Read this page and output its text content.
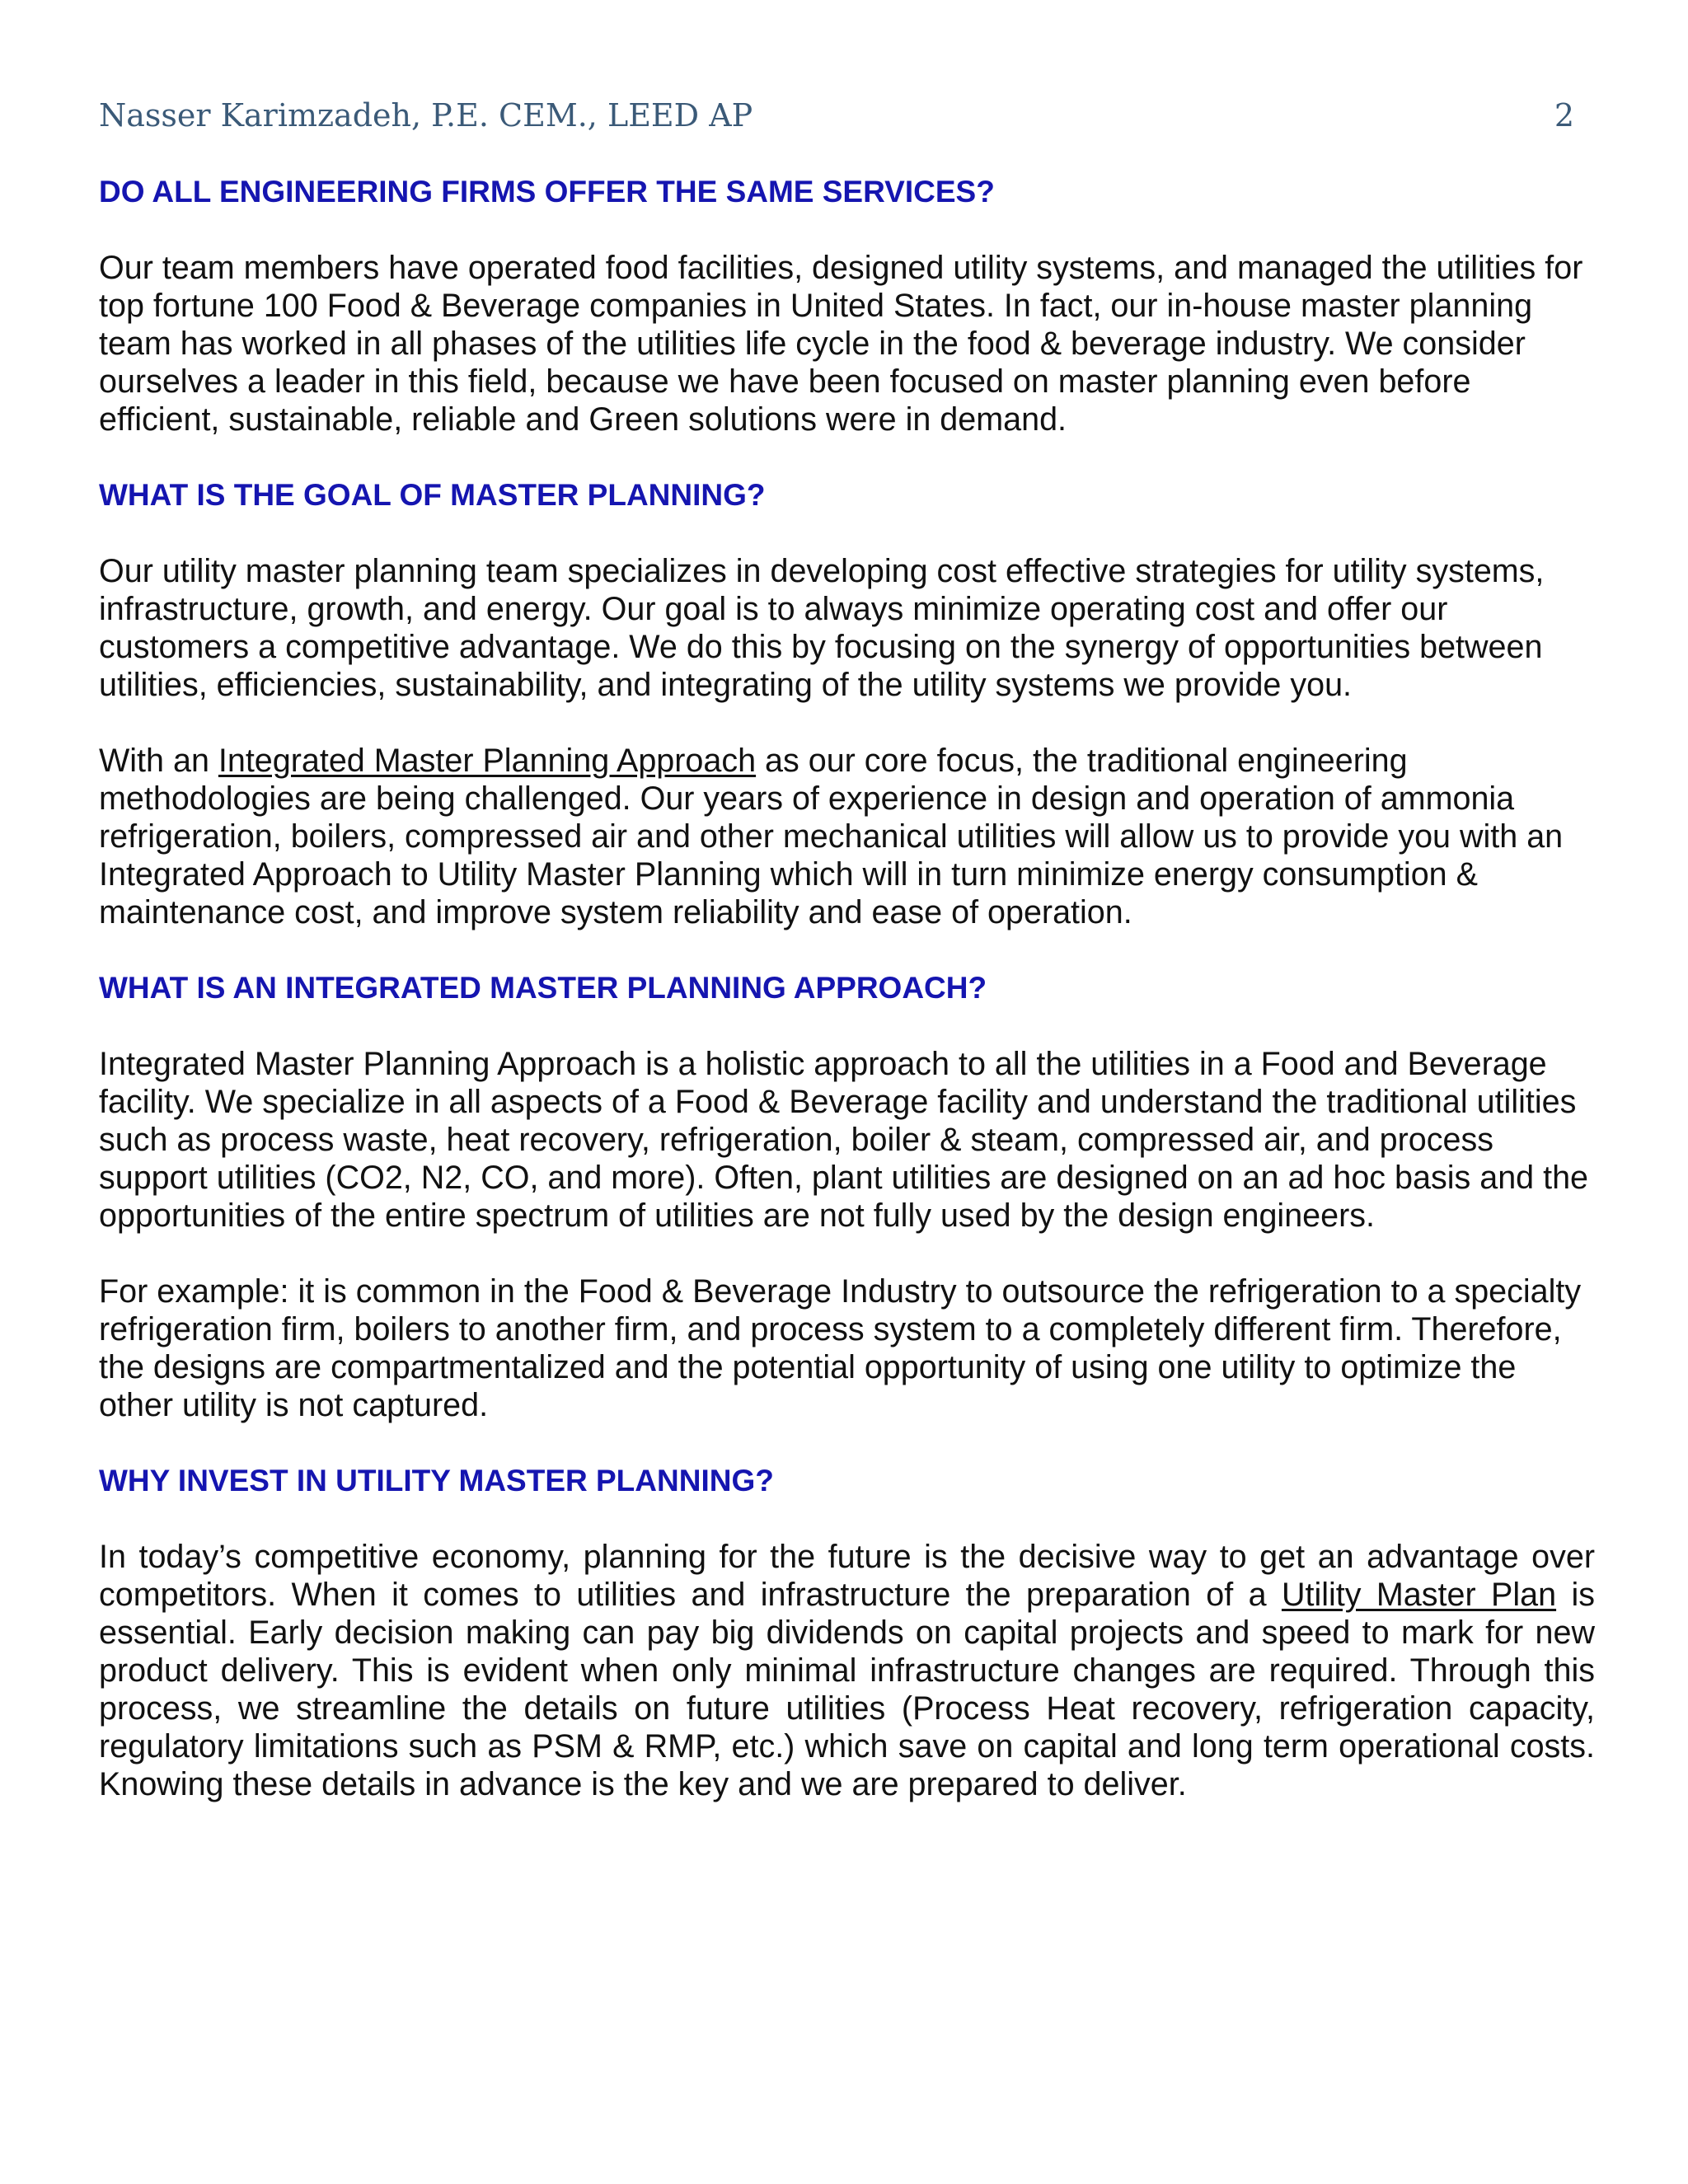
Nasser Karimzadeh, P.E. CEM., LEED AP	2
DO ALL ENGINEERING FIRMS OFFER THE SAME SERVICES?

Our team members have operated food facilities, designed utility systems, and managed the utilities for top fortune 100 Food & Beverage companies in United States. In fact, our in-house master planning team has worked in all phases of the utilities life cycle in the food & beverage industry. We consider ourselves a leader in this field, because we have been focused on master planning even before efficient, sustainable, reliable and Green solutions were in demand.

WHAT IS THE GOAL OF MASTER PLANNING?

Our utility master planning team specializes in developing cost effective strategies for utility systems, infrastructure, growth, and energy. Our goal is to always minimize operating cost and offer our customers a competitive advantage. We do this by focusing on the synergy of opportunities between utilities, efficiencies, sustainability, and integrating of the utility systems we provide you.

With an Integrated Master Planning Approach as our core focus, the traditional engineering methodologies are being challenged. Our years of experience in design and operation of ammonia refrigeration, boilers, compressed air and other mechanical utilities will allow us to provide you with an Integrated Approach to Utility Master Planning which will in turn minimize energy consumption & maintenance cost, and improve system reliability and ease of operation.

WHAT IS AN INTEGRATED MASTER PLANNING APPROACH?

Integrated Master Planning Approach is a holistic approach to all the utilities in a Food and Beverage facility. We specialize in all aspects of a Food & Beverage facility and understand the traditional utilities such as process waste, heat recovery, refrigeration, boiler & steam, compressed air, and process support utilities (CO2, N2, CO, and more). Often, plant utilities are designed on an ad hoc basis and the opportunities of the entire spectrum of utilities are not fully used by the design engineers.

For example: it is common in the Food & Beverage Industry to outsource the refrigeration to a specialty refrigeration firm, boilers to another firm, and process system to a completely different firm. Therefore, the designs are compartmentalized and the potential opportunity of using one utility to optimize the other utility is not captured.

WHY INVEST IN UTILITY MASTER PLANNING?

In today’s competitive economy, planning for the future is the decisive way to get an advantage over competitors. When it comes to utilities and infrastructure the preparation of a Utility Master Plan is essential. Early decision making can pay big dividends on capital projects and speed to mark for new product delivery. This is evident when only minimal infrastructure changes are required. Through this process, we streamline the details on future utilities (Process Heat recovery, refrigeration capacity, regulatory limitations such as PSM & RMP, etc.) which save on capital and long term operational costs. Knowing these details in advance is the key and we are prepared to deliver.
